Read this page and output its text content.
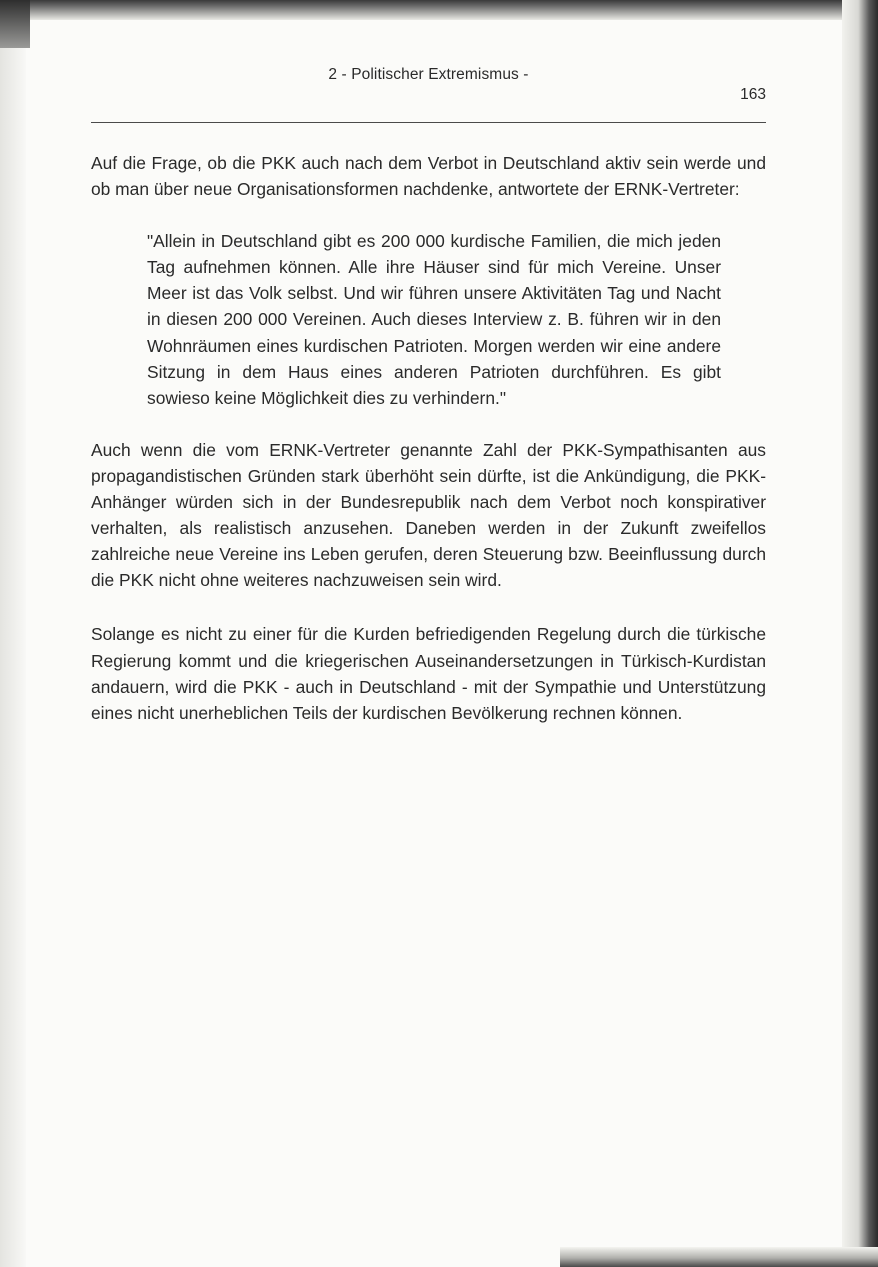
2 - Politischer Extremismus -
163

Auf die Frage, ob die PKK auch nach dem Verbot in Deutschland aktiv sein werde und ob man über neue Organisationsformen nachdenke, antwortete der ERNK-Vertreter:

"Allein in Deutschland gibt es 200 000 kurdische Familien, die mich jeden Tag aufnehmen können. Alle ihre Häuser sind für mich Vereine. Unser Meer ist das Volk selbst. Und wir führen unsere Aktivitäten Tag und Nacht in diesen 200 000 Vereinen. Auch dieses Interview z. B. führen wir in den Wohnräumen eines kurdischen Patrioten. Morgen werden wir eine andere Sitzung in dem Haus eines anderen Patrioten durchführen. Es gibt sowieso keine Möglichkeit dies zu verhindern."

Auch wenn die vom ERNK-Vertreter genannte Zahl der PKK-Sympathisanten aus propagandistischen Gründen stark überhöht sein dürfte, ist die Ankündigung, die PKK-Anhänger würden sich in der Bundesrepublik nach dem Verbot noch konspirativer verhalten, als realistisch anzusehen. Daneben werden in der Zukunft zweifellos zahlreiche neue Vereine ins Leben gerufen, deren Steuerung bzw. Beeinflussung durch die PKK nicht ohne weiteres nachzuweisen sein wird.

Solange es nicht zu einer für die Kurden befriedigenden Regelung durch die türkische Regierung kommt und die kriegerischen Auseinandersetzungen in Türkisch-Kurdistan andauern, wird die PKK - auch in Deutschland - mit der Sympathie und Unterstützung eines nicht unerheblichen Teils der kurdischen Bevölkerung rechnen können.
